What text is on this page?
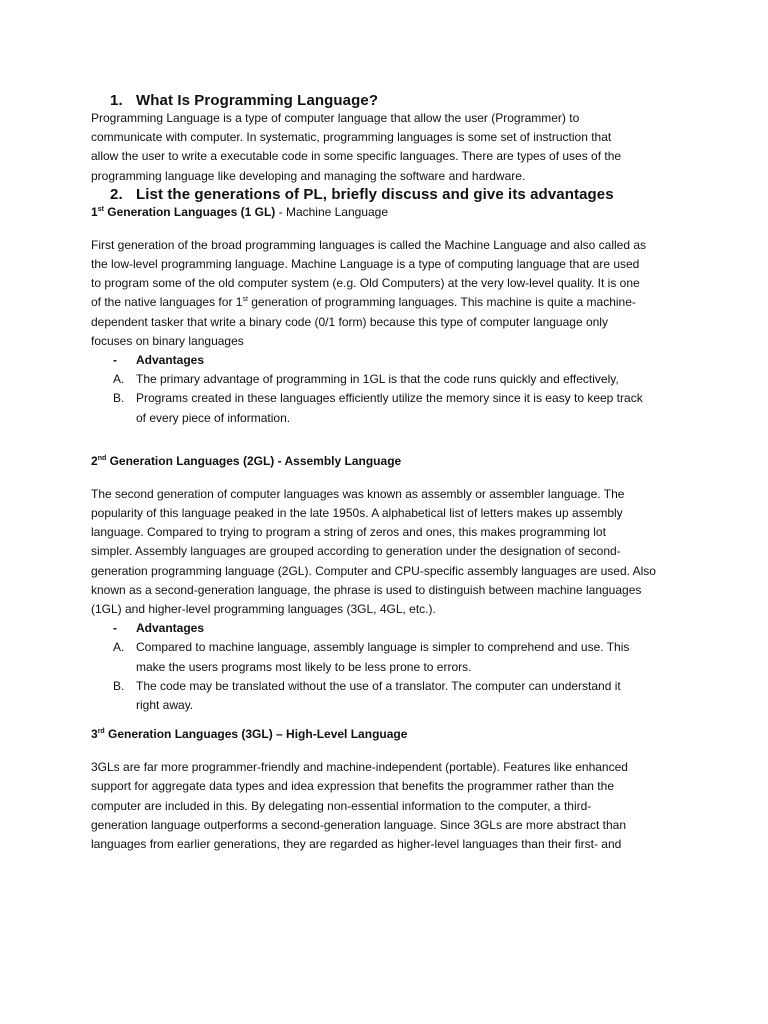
1. What Is Programming Language?

Programming Language is a type of computer language that allow the user (Programmer) to
communicate with computer. In systematic, programming languages is some set of instruction that
allow the user to write a executable code in some specific languages. There are types of uses of the
programming language like developing and managing the software and hardware.

2. List the generations of PL, briefly discuss and give its advantages
1st Generation Languages (1 GL) - Machine Language

First generation of the broad programming languages is called the Machine Language and also called as
the low-level programming language. Machine Language is a type of computing language that are used
to program some of the old computer system (e.g. Old Computers) at the very low-level quality. It is one
of the native languages for 1st generation of programming languages. This machine is quite a machine-
dependent tasker that write a binary code (0/1 form) because this type of computer language only
focuses on binary languages

- Advantages
A. The primary advantage of programming in 1GL is that the code runs quickly and effectively,
B. Programs created in these languages efficiently utilize the memory since it is easy to keep track
of every piece of information.
2nd Generation Languages (2GL) - Assembly Language

The second generation of computer languages was known as assembly or assembler language. The
popularity of this language peaked in the late 1950s. A alphabetical list of letters makes up assembly
language. Compared to trying to program a string of zeros and ones, this makes programming lot
simpler. Assembly languages are grouped according to generation under the designation of second-
generation programming language (2GL). Computer and CPU-specific assembly languages are used. Also
known as a second-generation language, the phrase is used to distinguish between machine languages
(1GL) and higher-level programming languages (3GL, 4GL, etc.).

- Advantages
A. Compared to machine language, assembly language is simpler to comprehend and use. This
make the users programs most likely to be less prone to errors.
B. The code may be translated without the use of a translator. The computer can understand it
right away.
3rd Generation Languages (3GL) – High-Level Language

3GLs are far more programmer-friendly and machine-independent (portable). Features like enhanced
support for aggregate data types and idea expression that benefits the programmer rather than the
computer are included in this. By delegating non-essential information to the computer, a third-
generation language outperforms a second-generation language. Since 3GLs are more abstract than
languages from earlier generations, they are regarded as higher-level languages than their first- and
